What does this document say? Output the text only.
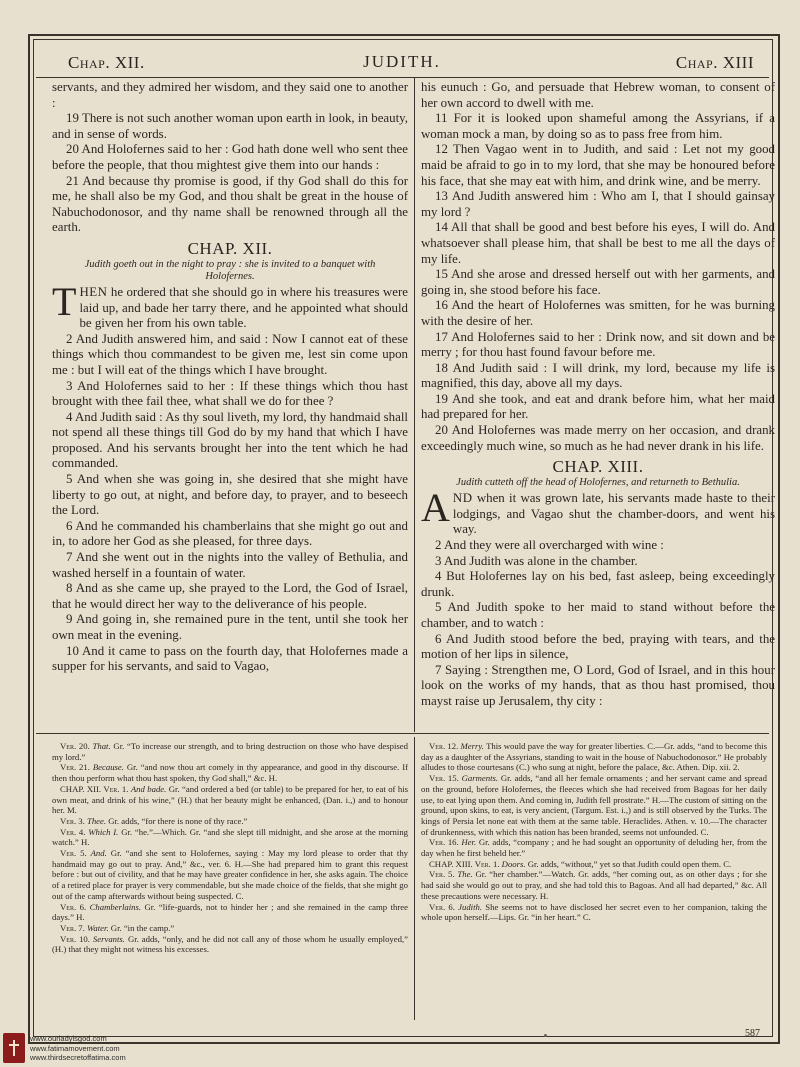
Chap. XII.	JUDITH.	Chap. XIII

servants, and they admired her wisdom, and they said one to another :

19 There is not such another woman upon earth in look, in beauty, and in sense of words.

20 And Holofernes said to her : God hath done well who sent thee before the people, that thou mightest give them into our hands :

21 And because thy promise is good, if thy God shall do this for me, he shall also be my God, and thou shalt be great in the house of Nabuchodonosor, and thy name shall be renowned through all the earth.

CHAP. XII.
Judith goeth out in the night to pray : she is invited to a banquet with Holofernes.

THEN he ordered that she should go in where his treasures were laid up, and bade her tarry there, and he appointed what should be given her from his own table.

2 And Judith answered him, and said : Now I cannot eat of these things which thou commandest to be given me, lest sin come upon me : but I will eat of the things which I have brought.

3 And Holofernes said to her : If these things which thou hast brought with thee fail thee, what shall we do for thee ?

4 And Judith said : As thy soul liveth, my lord, thy handmaid shall not spend all these things till God do by my hand that which I have proposed. And his servants brought her into the tent which he had commanded.

5 And when she was going in, she desired that she might have liberty to go out, at night, and before day, to prayer, and to beseech the Lord.

6 And he commanded his chamberlains that she might go out and in, to adore her God as she pleased, for three days.

7 And she went out in the nights into the valley of Bethulia, and washed herself in a fountain of water.

8 And as she came up, she prayed to the Lord, the God of Israel, that he would direct her way to the deliverance of his people.

9 And going in, she remained pure in the tent, until she took her own meat in the evening.

10 And it came to pass on the fourth day, that Holofernes made a supper for his servants, and said to Vagao,

his eunuch : Go, and persuade that Hebrew woman, to consent of her own accord to dwell with me.

11 For it is looked upon shameful among the Assyrians, if a woman mock a man, by doing so as to pass free from him.

12 Then Vagao went in to Judith, and said : Let not my good maid be afraid to go in to my lord, that she may be honoured before his face, that she may eat with him, and drink wine, and be merry.

13 And Judith answered him : Who am I, that I should gainsay my lord ?

14 All that shall be good and best before his eyes, I will do. And whatsoever shall please him, that shall be best to me all the days of my life.

15 And she arose and dressed herself out with her garments, and going in, she stood before his face.

16 And the heart of Holofernes was smitten, for he was burning with the desire of her.

17 And Holofernes said to her : Drink now, and sit down and be merry ; for thou hast found favour before me.

18 And Judith said : I will drink, my lord, because my life is magnified, this day, above all my days.

19 And she took, and eat and drank before him, what her maid had prepared for her.

20 And Holofernes was made merry on her occasion, and drank exceedingly much wine, so much as he had never drank in his life.

CHAP. XIII.
Judith cutteth off the head of Holofernes, and returneth to Bethulia.

AND when it was grown late, his servants made haste to their lodgings, and Vagao shut the chamber-doors, and went his way.

2 And they were all overcharged with wine :

3 And Judith was alone in the chamber.

4 But Holofernes lay on his bed, fast asleep, being exceedingly drunk.

5 And Judith spoke to her maid to stand without before the chamber, and to watch :

6 And Judith stood before the bed, praying with tears, and the motion of her lips in silence,

7 Saying : Strengthen me, O Lord, God of Israel, and in this hour look on the works of my hands, that as thou hast promised, thou mayst raise up Jerusalem, thy city :

Ver. 20. That. Gr. “To increase our strength, and to bring destruction on those who have despised my lord.”

Ver. 21. Because. Gr. “and now thou art comely in thy appearance, and good in thy discourse. If then thou perform what thou hast spoken, thy God shall,” &c. H.

CHAP. XII. Ver. 1. And bade. Gr. “and ordered a bed (or table) to be prepared for her, to eat of his own meat, and drink of his wine,” (H.) that her beauty might be enhanced, (Dan. i.,) and to honour her. M.

Ver. 3. Thee. Gr. adds, “for there is none of thy race.”

Ver. 4. Which I. Gr. “he.”—Which. Gr. “and she slept till midnight, and she arose at the morning watch.” H.

Ver. 5. And. Gr. “and she sent to Holofernes, saying : May my lord please to order that thy handmaid may go out to pray. And,” &c., ver. 6. H.—She had prepared him to grant this request before : but out of civility, and that he may have greater confidence in her, she asks again. The choice of a retired place for prayer is very commendable, but she made choice of the fields, that she might go out of the camp afterwards without being suspected. C.

Ver. 6. Chamberlains. Gr. “life-guards, not to hinder her ; and she remained in the camp three days.” H.

Ver. 7. Water. Gr. “in the camp.”

Ver. 10. Servants. Gr. adds, “only, and he did not call any of those whom he usually employed,” (H.) that they might not witness his excesses.

Ver. 12. Merry. This would pave the way for greater liberties. C.—Gr. adds, “and to become this day as a daughter of the Assyrians, standing to wait in the house of Nabuchodonosor.” He probably alludes to those courtesans (C.) who sung at night, before the palace, &c. Athen. Dip. xii. 2.

Ver. 15. Garments. Gr. adds, “and all her female ornaments ; and her servant came and spread on the ground, before Holofernes, the fleeces which she had received from Bagoas for her daily use, to eat lying upon them. And coming in, Judith fell prostrate.” H.—The custom of sitting on the ground, upon skins, to eat, is very ancient, (Targum. Est. i.,) and is still observed by the Turks. The kings of Persia let none eat with them at the same table. Heraclides. Athen. v. 10.—The character of drunkenness, with which this nation has been branded, seems not unfounded. C.

Ver. 16. Her. Gr. adds, “company ; and he had sought an opportunity of deluding her, from the day when he first beheld her.”

CHAP. XIII. Ver. 1. Doors. Gr. adds, “without,” yet so that Judith could open them. C.

Ver. 5. The. Gr. “her chamber.”—Watch. Gr. adds, “her coming out, as on other days ; for she had said she would go out to pray, and she had told this to Bagoas. And all had departed,” &c. All these precautions were necessary. H.

Ver. 6. Judith. She seems not to have disclosed her secret even to her companion, taking the whole upon herself.—Lips. Gr. “in her heart.” C.

587
www.ourladyisgod.com
www.fatimamovement.com
www.thirdsecretoffatima.com
